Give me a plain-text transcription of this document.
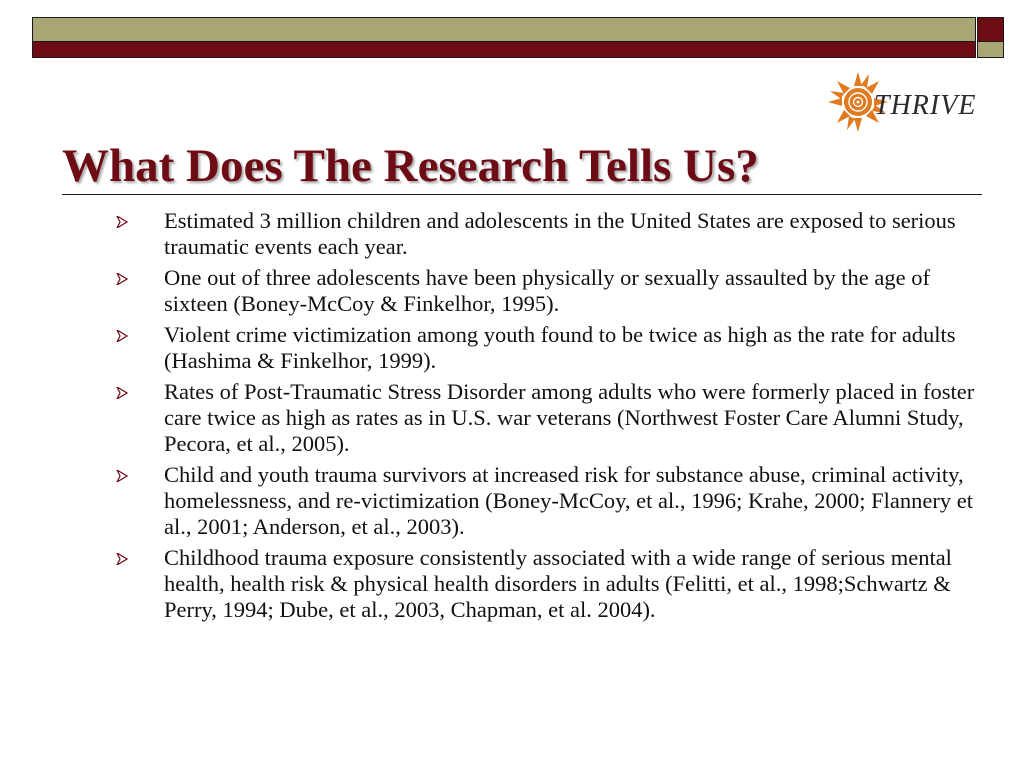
THRIVE
What Does The Research Tells Us?
Estimated 3 million children and adolescents in the United States are exposed to serious traumatic events each year.
One out of three adolescents have been physically or sexually assaulted by the age of sixteen (Boney-McCoy & Finkelhor, 1995).
Violent crime victimization among youth found to be twice as high as the rate for adults (Hashima & Finkelhor, 1999).
Rates of Post-Traumatic Stress Disorder among adults who were formerly placed in foster care twice as high as rates as in U.S. war veterans (Northwest Foster Care Alumni Study, Pecora, et al., 2005).
Child and youth trauma survivors at increased risk for substance abuse, criminal activity, homelessness, and re-victimization (Boney-McCoy, et al., 1996; Krahe, 2000; Flannery et al., 2001; Anderson, et al., 2003).
Childhood trauma exposure consistently associated with a wide range of serious mental health, health risk & physical health disorders in adults (Felitti, et al., 1998;Schwartz & Perry, 1994; Dube, et al., 2003, Chapman, et al. 2004).
